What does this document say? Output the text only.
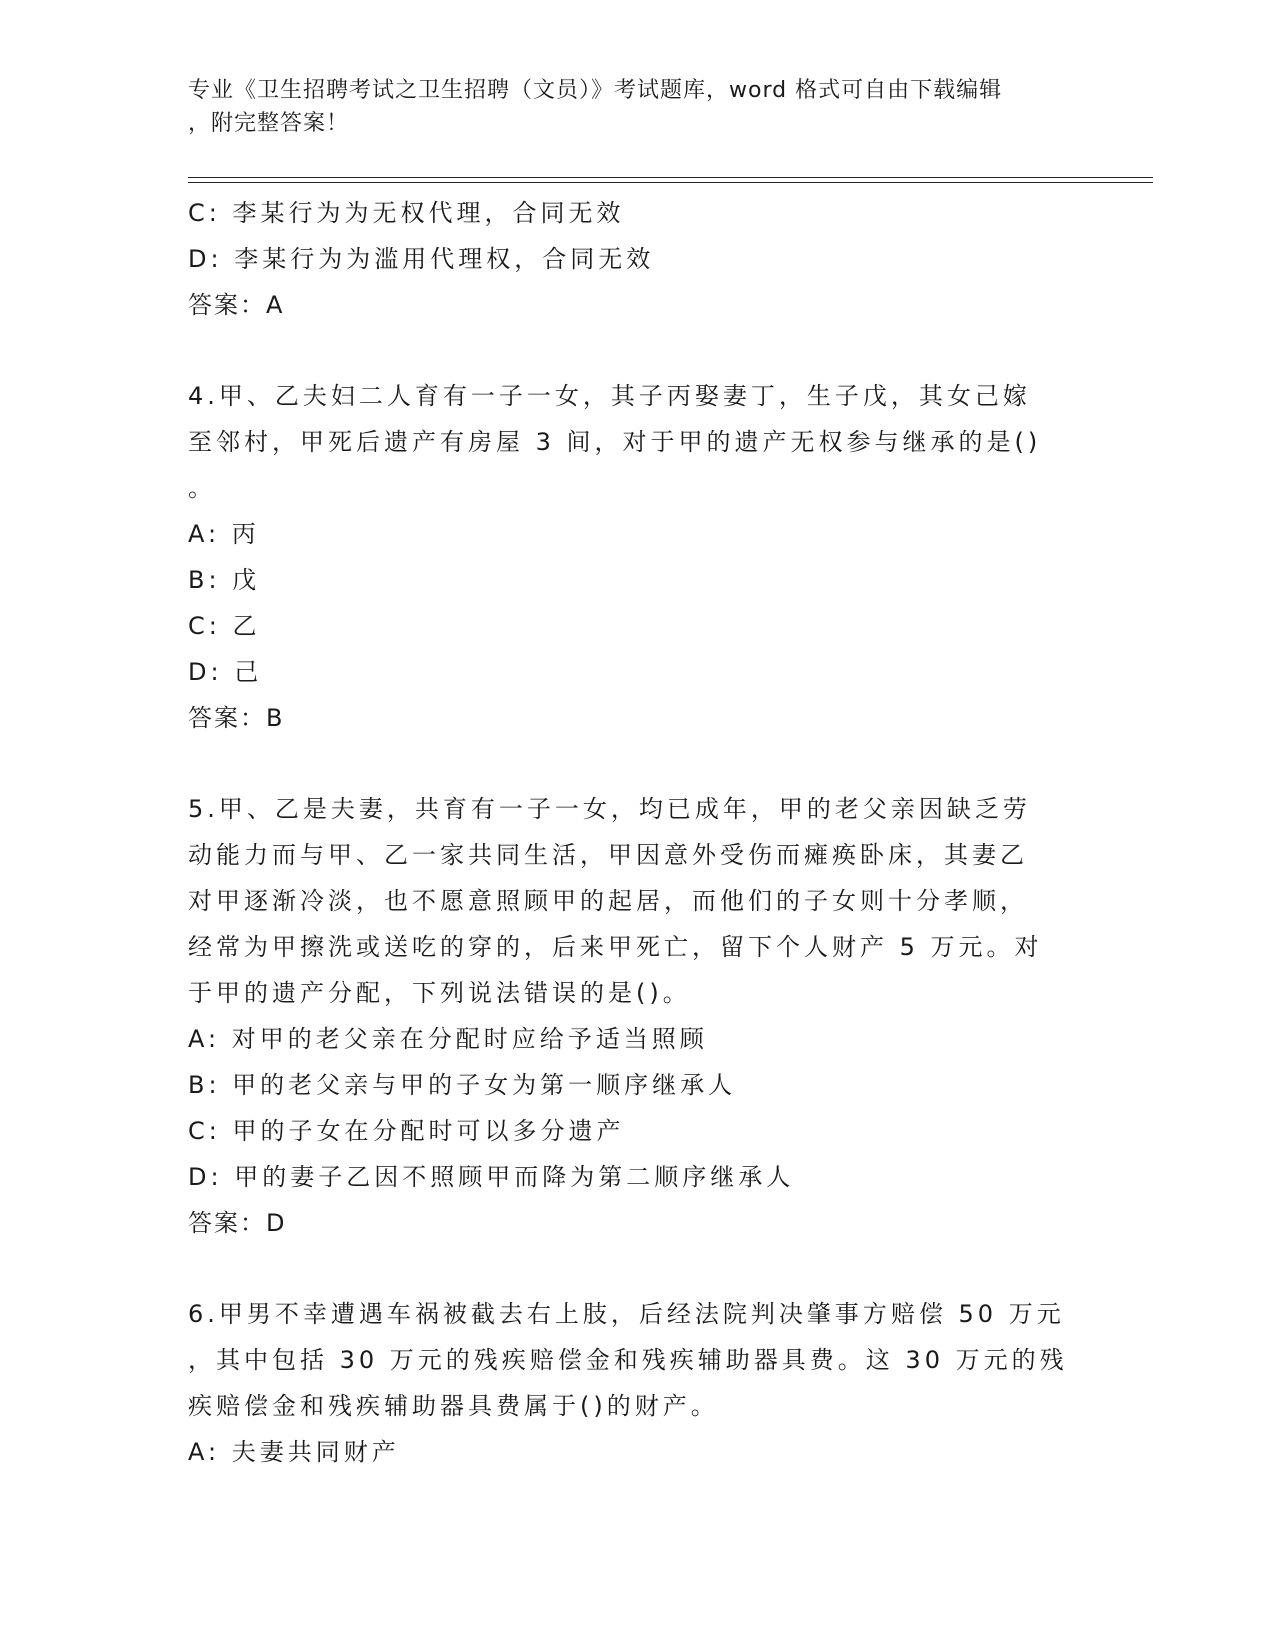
专业《卫生招聘考试之卫生招聘（文员）》考试题库，word 格式可自由下载编辑
，附完整答案！
C: 李某行为为无权代理，合同无效
D: 李某行为为滥用代理权，合同无效
答案：A
4.甲、乙夫妇二人育有一子一女，其子丙娶妻丁，生子戊，其女己嫁
至邻村，甲死后遗产有房屋 3 间，对于甲的遗产无权参与继承的是()
。
A: 丙
B: 戊
C: 乙
D: 己
答案：B
5.甲、乙是夫妻，共育有一子一女，均已成年，甲的老父亲因缺乏劳
动能力而与甲、乙一家共同生活，甲因意外受伤而瘫痪卧床，其妻乙
对甲逐渐冷淡，也不愿意照顾甲的起居，而他们的子女则十分孝顺，
经常为甲擦洗或送吃的穿的，后来甲死亡，留下个人财产 5 万元。对
于甲的遗产分配，下列说法错误的是()。
A: 对甲的老父亲在分配时应给予适当照顾
B: 甲的老父亲与甲的子女为第一顺序继承人
C: 甲的子女在分配时可以多分遗产
D: 甲的妻子乙因不照顾甲而降为第二顺序继承人
答案：D
6.甲男不幸遭遇车祸被截去右上肢，后经法院判决肇事方赔偿 50 万元
，其中包括 30 万元的残疾赔偿金和残疾辅助器具费。这 30 万元的残
疾赔偿金和残疾辅助器具费属于()的财产。
A: 夫妻共同财产
